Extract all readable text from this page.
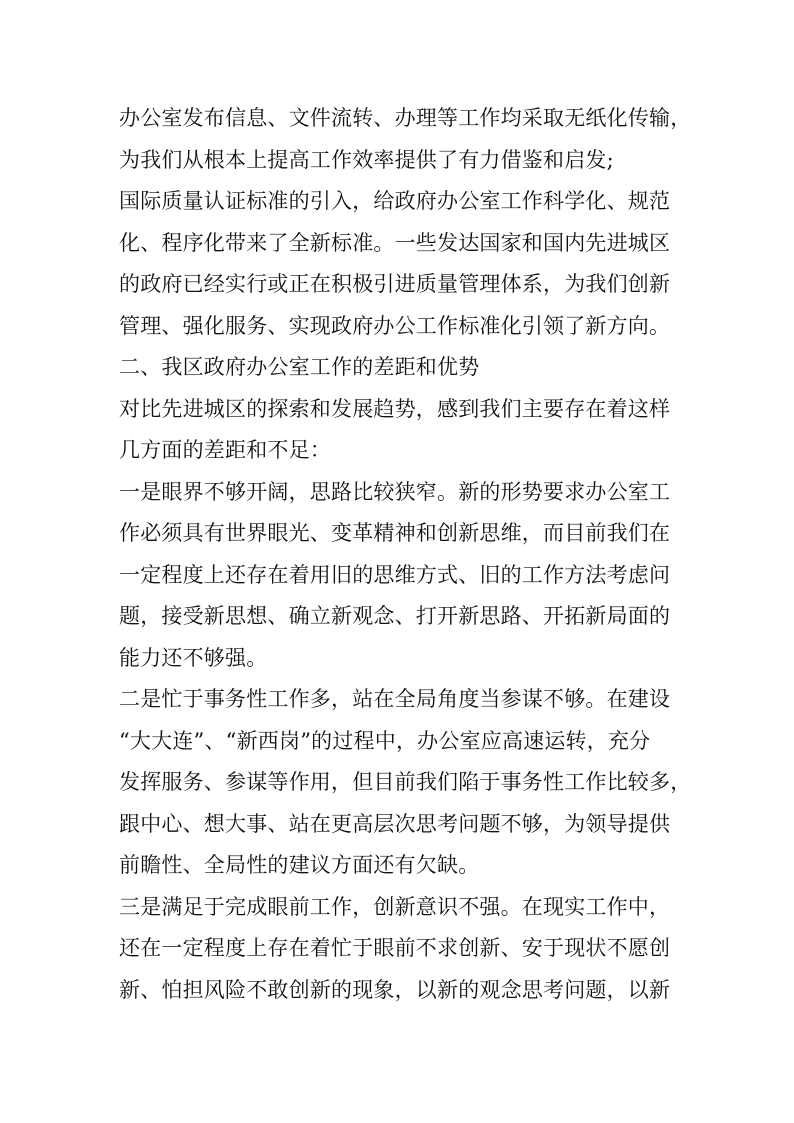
办公室发布信息、文件流转、办理等工作均采取无纸化传输，
为我们从根本上提高工作效率提供了有力借鉴和启发;
国际质量认证标准的引入，给政府办公室工作科学化、规范
化、程序化带来了全新标准。一些发达国家和国内先进城区
的政府已经实行或正在积极引进质量管理体系，为我们创新
管理、强化服务、实现政府办公工作标准化引领了新方向。
二、我区政府办公室工作的差距和优势
对比先进城区的探索和发展趋势，感到我们主要存在着这样
几方面的差距和不足：
一是眼界不够开阔，思路比较狭窄。新的形势要求办公室工
作必须具有世界眼光、变革精神和创新思维，而目前我们在
一定程度上还存在着用旧的思维方式、旧的工作方法考虑问
题，接受新思想、确立新观念、打开新思路、开拓新局面的
能力还不够强。
二是忙于事务性工作多，站在全局角度当参谋不够。在建设
“大大连”、“新西岗”的过程中，办公室应高速运转，充分
发挥服务、参谋等作用，但目前我们陷于事务性工作比较多，
跟中心、想大事、站在更高层次思考问题不够，为领导提供
前瞻性、全局性的建议方面还有欠缺。
三是满足于完成眼前工作，创新意识不强。在现实工作中，
还在一定程度上存在着忙于眼前不求创新、安于现状不愿创
新、怕担风险不敢创新的现象，以新的观念思考问题，以新
